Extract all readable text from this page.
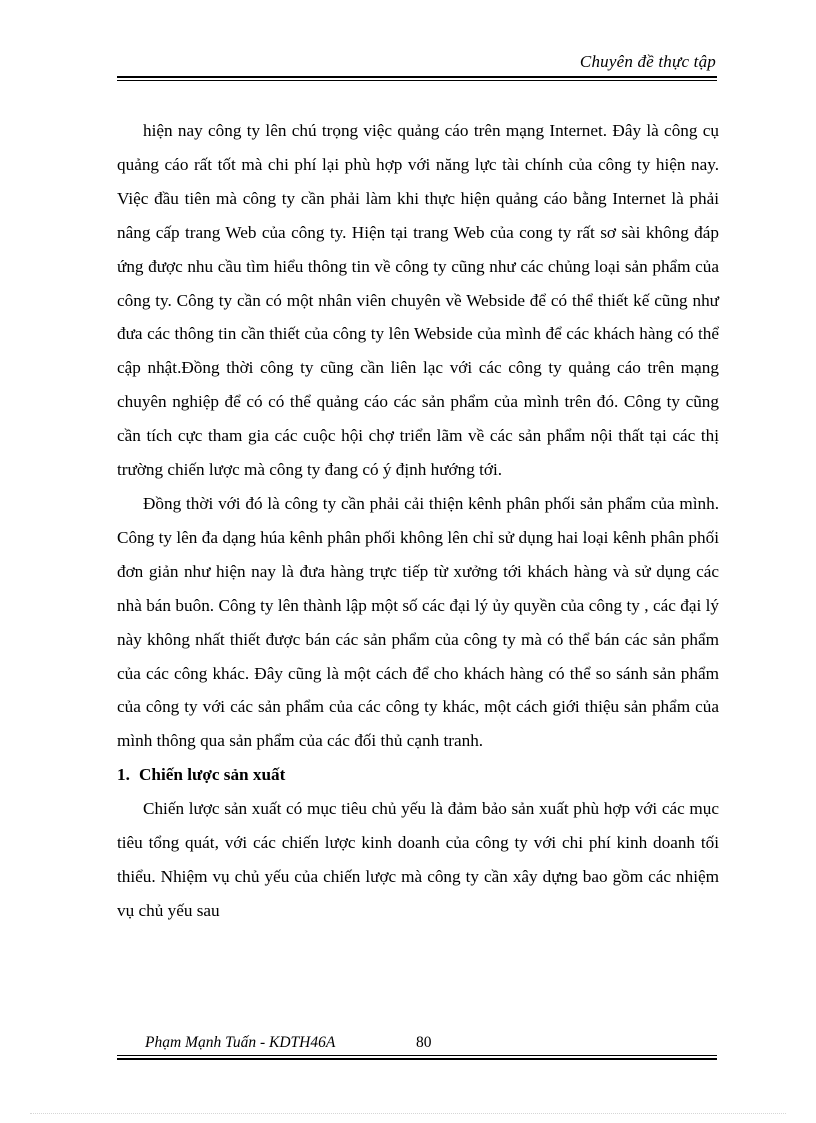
Chuyên đề thực tập

hiện nay công ty lên chú trọng việc quảng cáo trên mạng Internet. Đây là công cụ quảng cáo rất tốt mà chi phí lại phù hợp với năng lực tài chính của công ty hiện nay. Việc đầu tiên mà công ty cần phải làm khi thực hiện quảng cáo bằng Internet là phải nâng cấp trang Web của công ty. Hiện tại trang Web của cong ty rất sơ sài không đáp ứng được nhu cầu tìm hiểu thông tin về công ty cũng như các chủng loại sản phẩm của công ty. Công ty cần có một nhân viên chuyên về Webside để có thể thiết kế cũng như đưa các thông tin cần thiết của công ty lên Webside của mình để các khách hàng có thể cập nhật.Đồng thời công ty cũng cần liên lạc với các công ty quảng cáo trên mạng chuyên nghiệp để có có thể quảng cáo các sản phẩm của mình trên đó. Công ty cũng cần tích cực tham gia các cuộc hội chợ triển lãm về các sản phẩm nội thất tại các thị trường chiến lược mà công ty đang có ý định hướng tới.

Đồng thời với đó là công ty cần phải cải thiện kênh phân phối sản phẩm của mình. Công ty lên đa dạng húa kênh phân phối không lên chỉ sử dụng hai loại kênh phân phối đơn giản như hiện nay là đưa hàng trực tiếp từ xưởng tới khách hàng và sử dụng các nhà bán buôn. Công ty lên thành lập một số các đại lý ủy quyền của công ty , các đại lý này không nhất thiết được bán các sản phẩm của công ty mà có thể bán các sản phẩm của các công khác. Đây cũng là một cách để cho khách hàng có thể so sánh sản phẩm của công ty với các sản phẩm của các công ty khác, một cách giới thiệu sản phẩm của mình thông qua sản phẩm của các đối thủ cạnh tranh.

1. Chiến lược sản xuất

Chiến lược sản xuất có mục tiêu chủ yếu là đảm bảo sản xuất phù hợp với các mục tiêu tổng quát, với các chiến lược kinh doanh của công ty với chi phí kinh doanh tối thiểu. Nhiệm vụ chủ yếu của chiến lược mà công ty cần xây dựng bao gồm các nhiệm vụ chủ yếu sau

Phạm Mạnh Tuấn - KDTH46A	80
